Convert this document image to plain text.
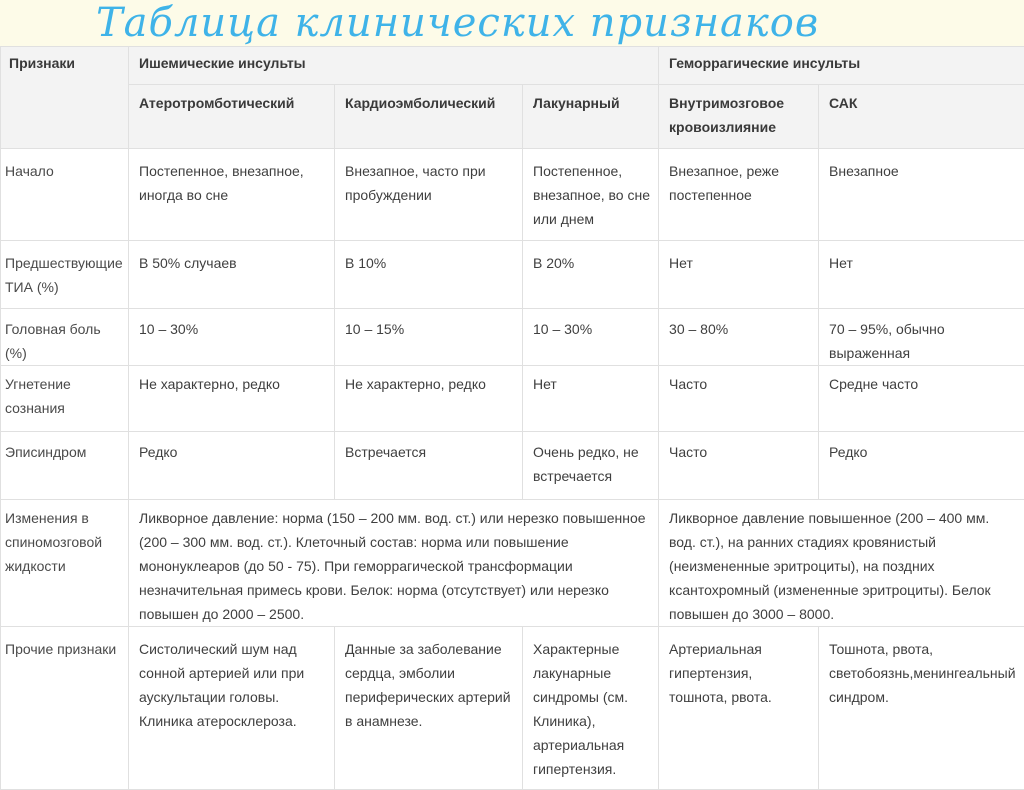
Таблица клинических признаков
Признаки	Ишемические инсульты			Геморрагические инсульты	
	Атеротромботический	Кардиоэмболический	Лакунарный	Внутримозговое кровоизлияние	САК
Начало	Постепенное, внезапное, иногда во сне	Внезапное, часто при пробуждении	Постепенное, внезапное, во сне или днем	Внезапное, реже постепенное	Внезапное
Предшествующие ТИА (%)	В 50% случаев	В 10%	В 20%	Нет	Нет
Головная боль (%)	10 – 30%	10 – 15%	10 – 30%	30 – 80%	70 – 95%, обычно выраженная
Угнетение сознания	Не характерно, редко	Не характерно, редко	Нет	Часто	Средне часто
Эписиндром	Редко	Встречается	Очень редко, не встречается	Часто	Редко
Изменения в спиномозговой жидкости	Ликворное давление: норма (150 – 200 мм. вод. ст.) или нерезко повышенное (200 – 300 мм. вод. ст.). Клеточный состав: норма или повышение мононуклеаров (до 50 - 75). При геморрагической трансформации незначительная примесь крови. Белок: норма (отсутствует) или нерезко повышен до 2000 – 2500.			Ликворное давление повышенное (200 – 400 мм. вод. ст.), на ранних стадиях кровянистый (неизмененные эритроциты), на поздних ксантохромный (измененные эритроциты). Белок повышен до 3000 – 8000.	
Прочие признаки	Систолический шум над сонной артерией или при аускультации головы. Клиника атеросклероза.	Данные за заболевание сердца, эмболии периферических артерий в анамнезе.	Характерные лакунарные синдромы (см. Клиника), артериальная гипертензия.	Артериальная гипертензия, тошнота, рвота.	Тошнота, рвота, светобоязнь,менингеальный синдром.
